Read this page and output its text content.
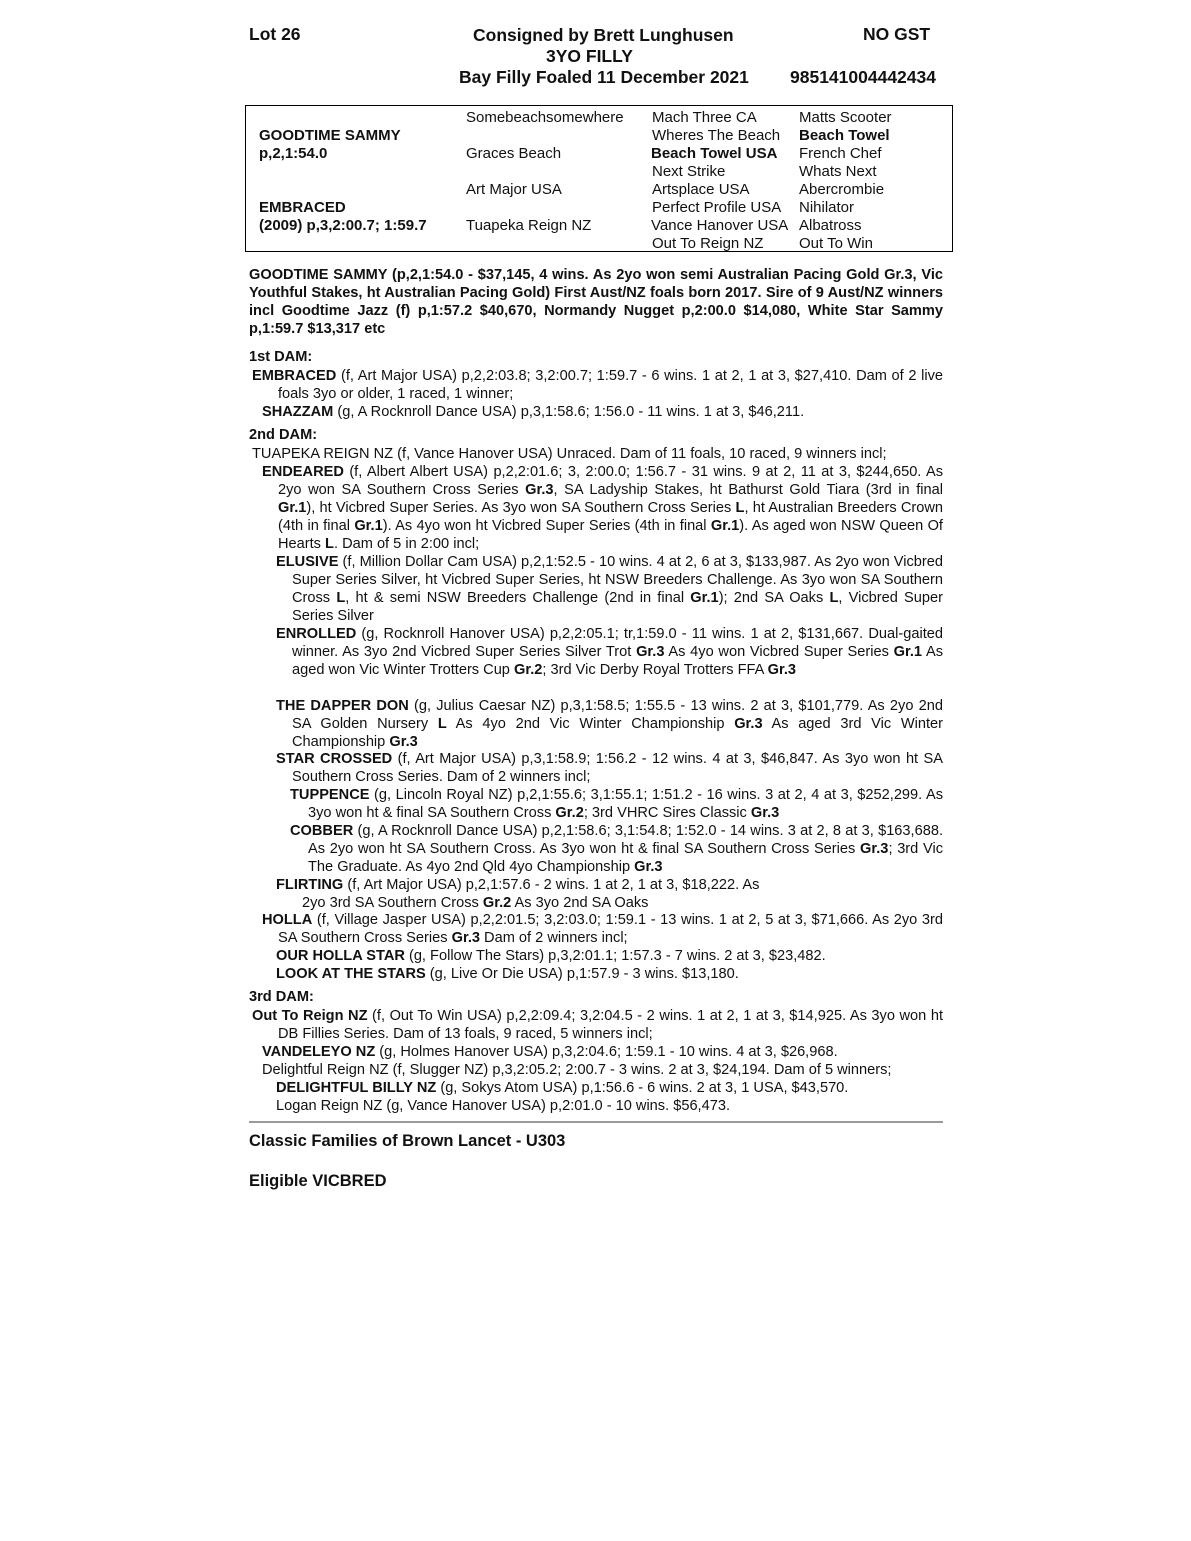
Lot 26	Consigned by Brett Lunghusen	NO GST
3YO FILLY
Bay Filly Foaled 11 December 2021 985141004442434
GOODTIME SAMMY
p,2,1:54.0
EMBRACED
(2009) p,3,2:00.7; 1:59.7
Somebeachsomewhere
Graces Beach
Art Major USA
Tuapeka Reign NZ
Mach Three CA
Wheres The Beach
Beach Towel USA
Next Strike
Artsplace USA
Perfect Profile USA
Vance Hanover USA
Out To Reign NZ
Matts Scooter
Beach Towel
French Chef
Whats Next
Abercrombie
Nihilator
Albatross
Out To Win
GOODTIME SAMMY (p,2,1:54.0 - $37,145, 4 wins. As 2yo won semi Australian Pacing Gold Gr.3, Vic Youthful Stakes, ht Australian Pacing Gold) First Aust/NZ foals born 2017. Sire of 9 Aust/NZ winners incl Goodtime Jazz (f) p,1:57.2 $40,670, Normandy Nugget p,2:00.0 $14,080, White Star Sammy p,1:59.7 $13,317 etc
1st DAM:
EMBRACED (f, Art Major USA) p,2,2:03.8; 3,2:00.7; 1:59.7 - 6 wins. 1 at 2, 1 at 3, $27,410. Dam of 2 live foals 3yo or older, 1 raced, 1 winner;
SHAZZAM (g, A Rocknroll Dance USA) p,3,1:58.6; 1:56.0 - 11 wins. 1 at 3, $46,211.
2nd DAM:
TUAPEKA REIGN NZ (f, Vance Hanover USA) Unraced. Dam of 11 foals, 10 raced, 9 winners incl;
ENDEARED (f, Albert Albert USA) p,2,2:01.6; 3, 2:00.0; 1:56.7 - 31 wins. 9 at 2, 11 at 3, $244,650. As 2yo won SA Southern Cross Series Gr.3, SA Ladyship Stakes, ht Bathurst Gold Tiara (3rd in final Gr.1), ht Vicbred Super Series. As 3yo won SA Southern Cross Series L, ht Australian Breeders Crown (4th in final Gr.1). As 4yo won ht Vicbred Super Series (4th in final Gr.1). As aged won NSW Queen Of Hearts L. Dam of 5 in 2:00 incl;
ELUSIVE (f, Million Dollar Cam USA) p,2,1:52.5 - 10 wins. 4 at 2, 6 at 3, $133,987. As 2yo won Vicbred Super Series Silver, ht Vicbred Super Series, ht NSW Breeders Challenge. As 3yo won SA Southern Cross L, ht & semi NSW Breeders Challenge (2nd in final Gr.1); 2nd SA Oaks L, Vicbred Super Series Silver
ENROLLED (g, Rocknroll Hanover USA) p,2,2:05.1; tr,1:59.0 - 11 wins. 1 at 2, $131,667. Dual-gaited winner. As 3yo 2nd Vicbred Super Series Silver Trot Gr.3 As 4yo won Vicbred Super Series Gr.1 As aged won Vic Winter Trotters Cup Gr.2; 3rd Vic Derby Royal Trotters FFA Gr.3
THE DAPPER DON (g, Julius Caesar NZ) p,3,1:58.5; 1:55.5 - 13 wins. 2 at 3, $101,779. As 2yo 2nd SA Golden Nursery L As 4yo 2nd Vic Winter Championship Gr.3 As aged 3rd Vic Winter Championship Gr.3
STAR CROSSED (f, Art Major USA) p,3,1:58.9; 1:56.2 - 12 wins. 4 at 3, $46,847. As 3yo won ht SA Southern Cross Series. Dam of 2 winners incl;
TUPPENCE (g, Lincoln Royal NZ) p,2,1:55.6; 3,1:55.1; 1:51.2 - 16 wins. 3 at 2, 4 at 3, $252,299. As 3yo won ht & final SA Southern Cross Gr.2; 3rd VHRC Sires Classic Gr.3
COBBER (g, A Rocknroll Dance USA) p,2,1:58.6; 3,1:54.8; 1:52.0 - 14 wins. 3 at 2, 8 at 3, $163,688. As 2yo won ht SA Southern Cross. As 3yo won ht & final SA Southern Cross Series Gr.3; 3rd Vic The Graduate. As 4yo 2nd Qld 4yo Championship Gr.3
FLIRTING (f, Art Major USA) p,2,1:57.6 - 2 wins. 1 at 2, 1 at 3, $18,222. As
2yo 3rd SA Southern Cross Gr.2 As 3yo 2nd SA Oaks
HOLLA (f, Village Jasper USA) p,2,2:01.5; 3,2:03.0; 1:59.1 - 13 wins. 1 at 2, 5 at 3, $71,666. As 2yo 3rd SA Southern Cross Series Gr.3 Dam of 2 winners incl;
OUR HOLLA STAR (g, Follow The Stars) p,3,2:01.1; 1:57.3 - 7 wins. 2 at 3, $23,482.
LOOK AT THE STARS (g, Live Or Die USA) p,1:57.9 - 3 wins. $13,180.
3rd DAM:
Out To Reign NZ (f, Out To Win USA) p,2,2:09.4; 3,2:04.5 - 2 wins. 1 at 2, 1 at 3, $14,925. As 3yo won ht DB Fillies Series. Dam of 13 foals, 9 raced, 5 winners incl;
VANDELEYO NZ (g, Holmes Hanover USA) p,3,2:04.6; 1:59.1 - 10 wins. 4 at 3, $26,968.
Delightful Reign NZ (f, Slugger NZ) p,3,2:05.2; 2:00.7 - 3 wins. 2 at 3, $24,194. Dam of 5 winners;
DELIGHTFUL BILLY NZ (g, Sokys Atom USA) p,1:56.6 - 6 wins. 2 at 3, 1 USA, $43,570.
Logan Reign NZ (g, Vance Hanover USA) p,2:01.0 - 10 wins. $56,473.
Classic Families of Brown Lancet - U303
Eligible VICBRED
